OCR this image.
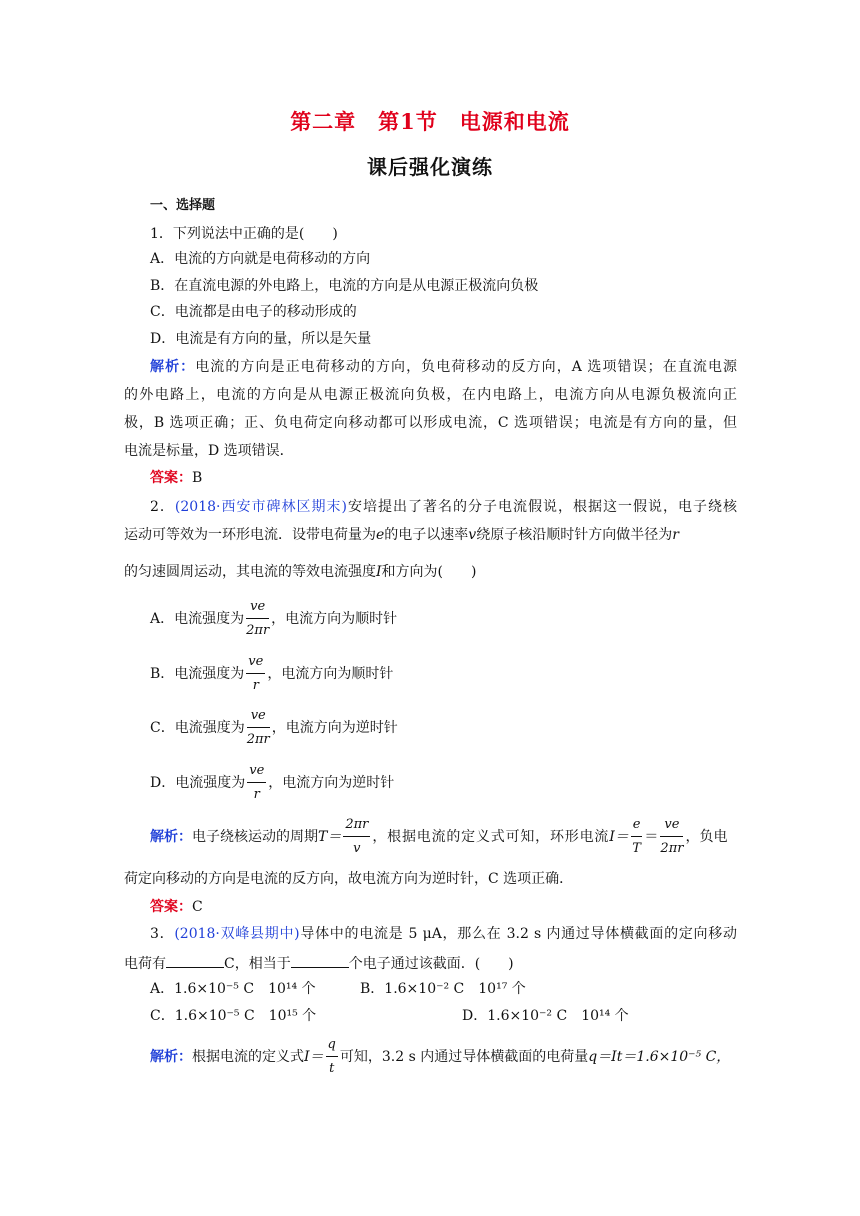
第二章　第1节　电源和电流
课后强化演练
一、选择题
1．下列说法中正确的是(　　)
A．电流的方向就是电荷移动的方向
B．在直流电源的外电路上，电流的方向是从电源正极流向负极
C．电流都是由电子的移动形成的
D．电流是有方向的量，所以是矢量
解析：电流的方向是正电荷移动的方向，负电荷移动的反方向，A 选项错误；在直流电源
的外电路上，电流的方向是从电源正极流向负极，在内电路上，电流方向从电源负极流向正
极，B 选项正确；正、负电荷定向移动都可以形成电流，C 选项错误；电流是有方向的量，但
电流是标量，D 选项错误．
答案：B
2．(2018·西安市碑林区期末)安培提出了著名的分子电流假说，根据这一假说，电子绕核
运动可等效为一环形电流．设带电荷量为e的电子以速率v绕原子核沿顺时针方向做半径为r
的匀速圆周运动，其电流的等效电流强度I和方向为(　　)
A．电流强度为 $\frac{ve}{2\pi r}$ ，电流方向为顺时针
B．电流强度为 $\frac{ve}{r}$ ，电流方向为顺时针
C．电流强度为 $\frac{ve}{2\pi r}$ ，电流方向为逆时针
D．电流强度为 $\frac{ve}{r}$ ，电流方向为逆时针
解析：电子绕核运动的周期$T= \frac{2\pi r}{v}$ ，根据电流的定义式可知，环形电流$I= \frac{e}{T} = \frac{ve}{2\pi r}$ ，负电
荷定向移动的方向是电流的反方向，故电流方向为逆时针，C 选项正确．
答案：C
3．(2018·双峰县期中)导体中的电流是 5 μA，那么在 3.2 s 内通过导体横截面的定向移动
电荷有	C，相当于	个电子通过该截面．(　　)
A．1.6×10⁻⁵ C　10¹⁴ 个	B．1.6×10⁻² C　10¹⁷ 个
C．1.6×10⁻⁵ C　10¹⁵ 个	D．1.6×10⁻² C　10¹⁴ 个
解析：根据电流的定义式$I= \frac{q}{t}$ 可知，3.2 s 内通过导体横截面的电荷量q＝It＝1.6×10⁻⁵ C，
